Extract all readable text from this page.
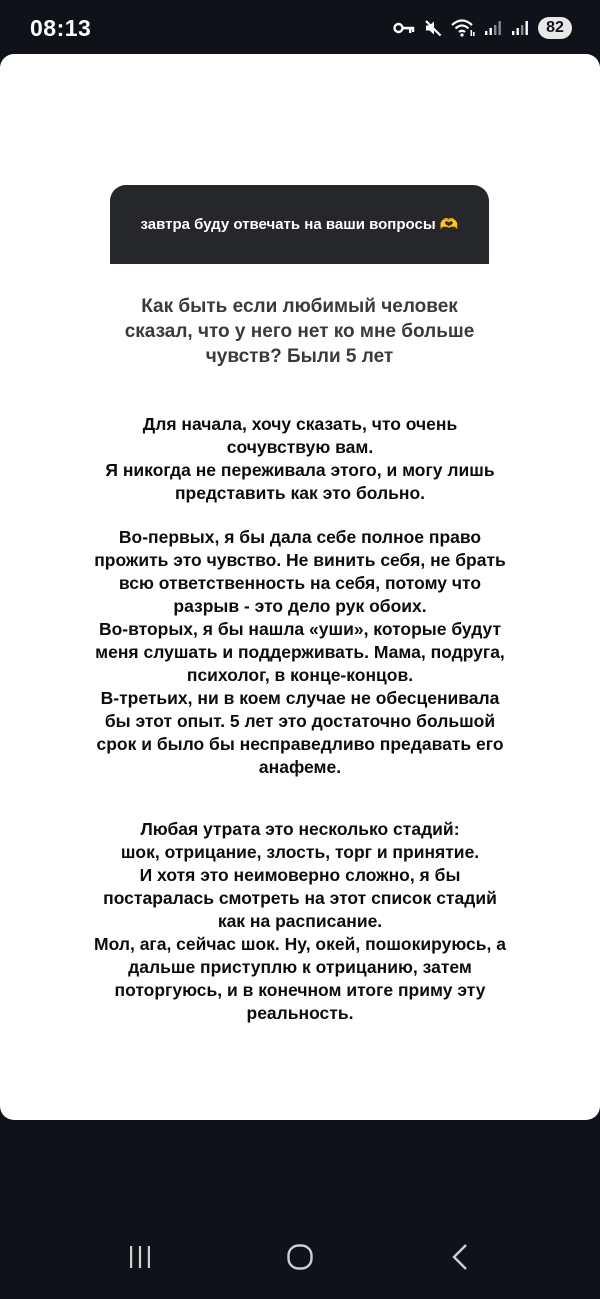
08:13	82
завтра буду отвечать на ваши вопросы 🫶
Как быть если любимый человек сказал, что у него нет ко мне больше чувств? Были 5 лет
Для начала, хочу сказать, что очень
сочувствую вам.
Я никогда не переживала этого, и могу лишь
представить как это больно.
Во-первых, я бы дала себе полное право
прожить это чувство. Не винить себя, не брать
всю ответственность на себя, потому что
разрыв - это дело рук обоих.
Во-вторых, я бы нашла «уши», которые будут
меня слушать и поддерживать. Мама, подруга,
психолог, в конце-концов.
В-третьих, ни в коем случае не обесценивала
бы этот опыт. 5 лет это достаточно большой
срок и было бы несправедливо предавать его
анафеме.
Любая утрата это несколько стадий:
шок, отрицание, злость, торг и принятие.
И хотя это неимоверно сложно, я бы
постаралась смотреть на этот список стадий
как на расписание.
Мол, ага, сейчас шок. Ну, окей, пошокируюсь, а
дальше приступлю к отрицанию, затем
поторгуюсь, и в конечном итоге приму эту
реальность.
